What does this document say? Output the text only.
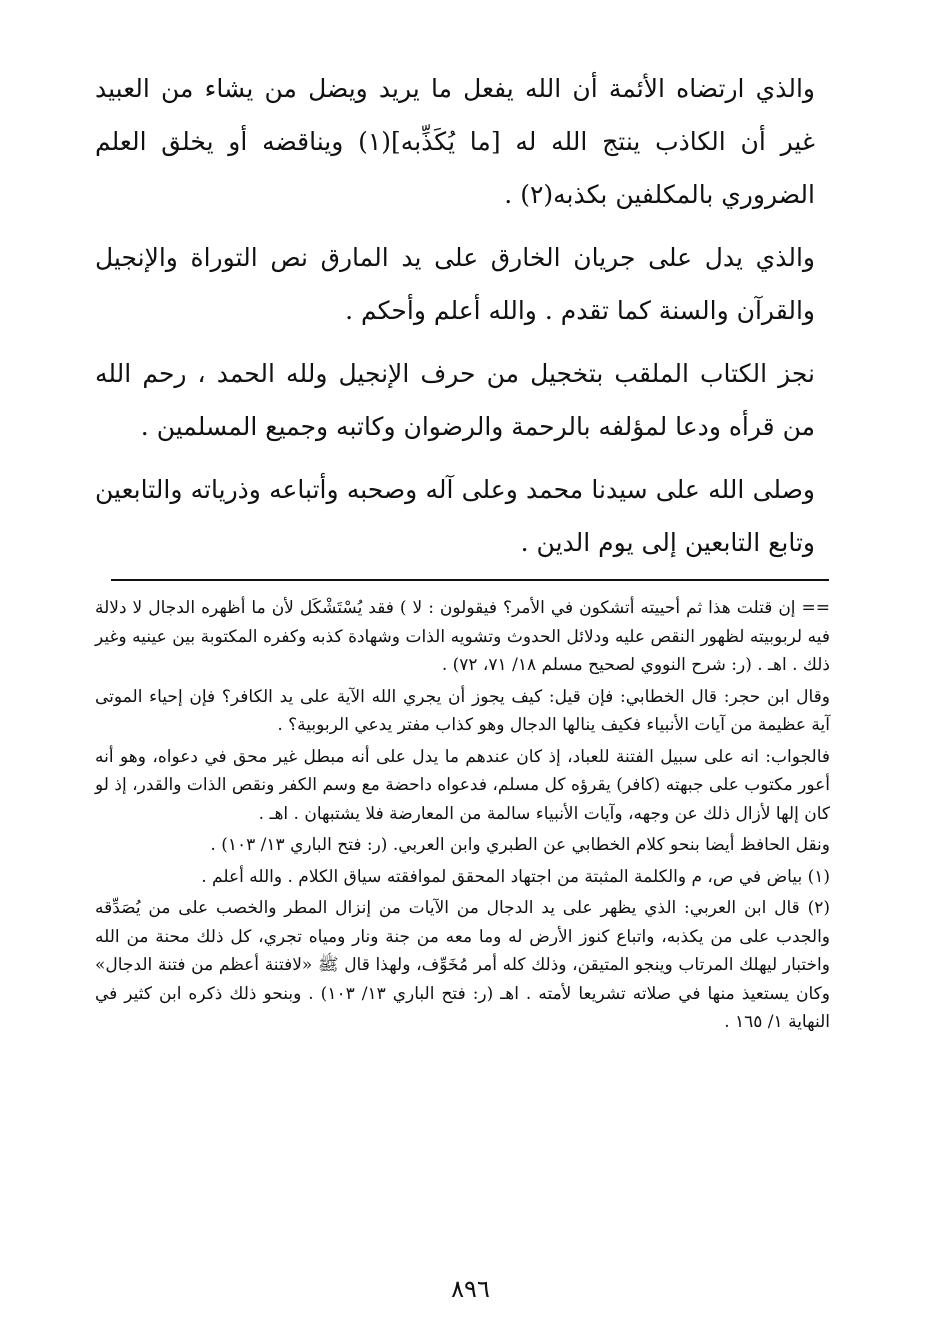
والذي ارتضاه الأئمة أن الله يفعل ما يريد ويضل من يشاء من العبيد غير أن الكاذب ينتج الله له [ما يُكَذِّبه](١) ويناقضه أو يخلق العلم الضروري بالمكلفين بكذبه(٢) .

والذي يدل على جريان الخارق على يد المارق نص التوراة والإنجيل والقرآن والسنة كما تقدم . والله أعلم وأحكم .

نجز الكتاب الملقب بتخجيل من حرف الإنجيل ولله الحمد ، رحم الله من قرأه ودعا لمؤلفه بالرحمة والرضوان وكاتبه وجميع المسلمين .

وصلى الله على سيدنا محمد وعلى آله وصحبه وأتباعه وذرياته والتابعين وتابع التابعين إلى يوم الدين .

== إن قتلت هذا ثم أحييته أتشكون في الأمر؟ فيقولون : لا ) فقد يُسْتَشْكَل لأن ما أظهره الدجال لا دلالة فيه لربوبيته لظهور النقص عليه ودلائل الحدوث وتشويه الذات وشهادة كذبه وكفره المكتوبة بين عينيه وغير ذلك . اهـ . (ر: شرح النووي لصحيح مسلم ١٨/ ٧١، ٧٢) .

وقال ابن حجر: قال الخطابي: فإن قيل: كيف يجوز أن يجري الله الآية على يد الكافر؟ فإن إحياء الموتى آية عظيمة من آيات الأنبياء فكيف ينالها الدجال وهو كذاب مفتر يدعي الربوبية؟ .

فالجواب: انه على سبيل الفتنة للعباد، إذ كان عندهم ما يدل على أنه مبطل غير محق في دعواه، وهو أنه أعور مكتوب على جبهته (كافر) يقرؤه كل مسلم، فدعواه داحضة مع وسم الكفر ونقص الذات والقدر، إذ لو كان إلها لأزال ذلك عن وجهه، وآيات الأنبياء سالمة من المعارضة فلا يشتبهان . اهـ .

ونقل الحافظ أيضا بنحو كلام الخطابي عن الطبري وابن العربي. (ر: فتح الباري ١٣/ ١٠٣) .

(١) بياض في ص، م والكلمة المثبتة من اجتهاد المحقق لموافقته سياق الكلام . والله أعلم .

(٢) قال ابن العربي: الذي يظهر على يد الدجال من الآيات من إنزال المطر والخصب على من يُصَدِّقه والجدب على من يكذبه، واتباع كنوز الأرض له وما معه من جنة ونار ومياه تجري، كل ذلك محنة من الله واختبار ليهلك المرتاب وينجو المتيقن، وذلك كله أمر مُخَوِّف، ولهذا قال ﷺ «لافتنة أعظم من فتنة الدجال» وكان يستعيذ منها في صلاته تشريعا لأمته . اهـ (ر: فتح الباري ١٣/ ١٠٣) . وبنحو ذلك ذكره ابن كثير في النهاية ١/ ١٦٥ .

٨٩٦
